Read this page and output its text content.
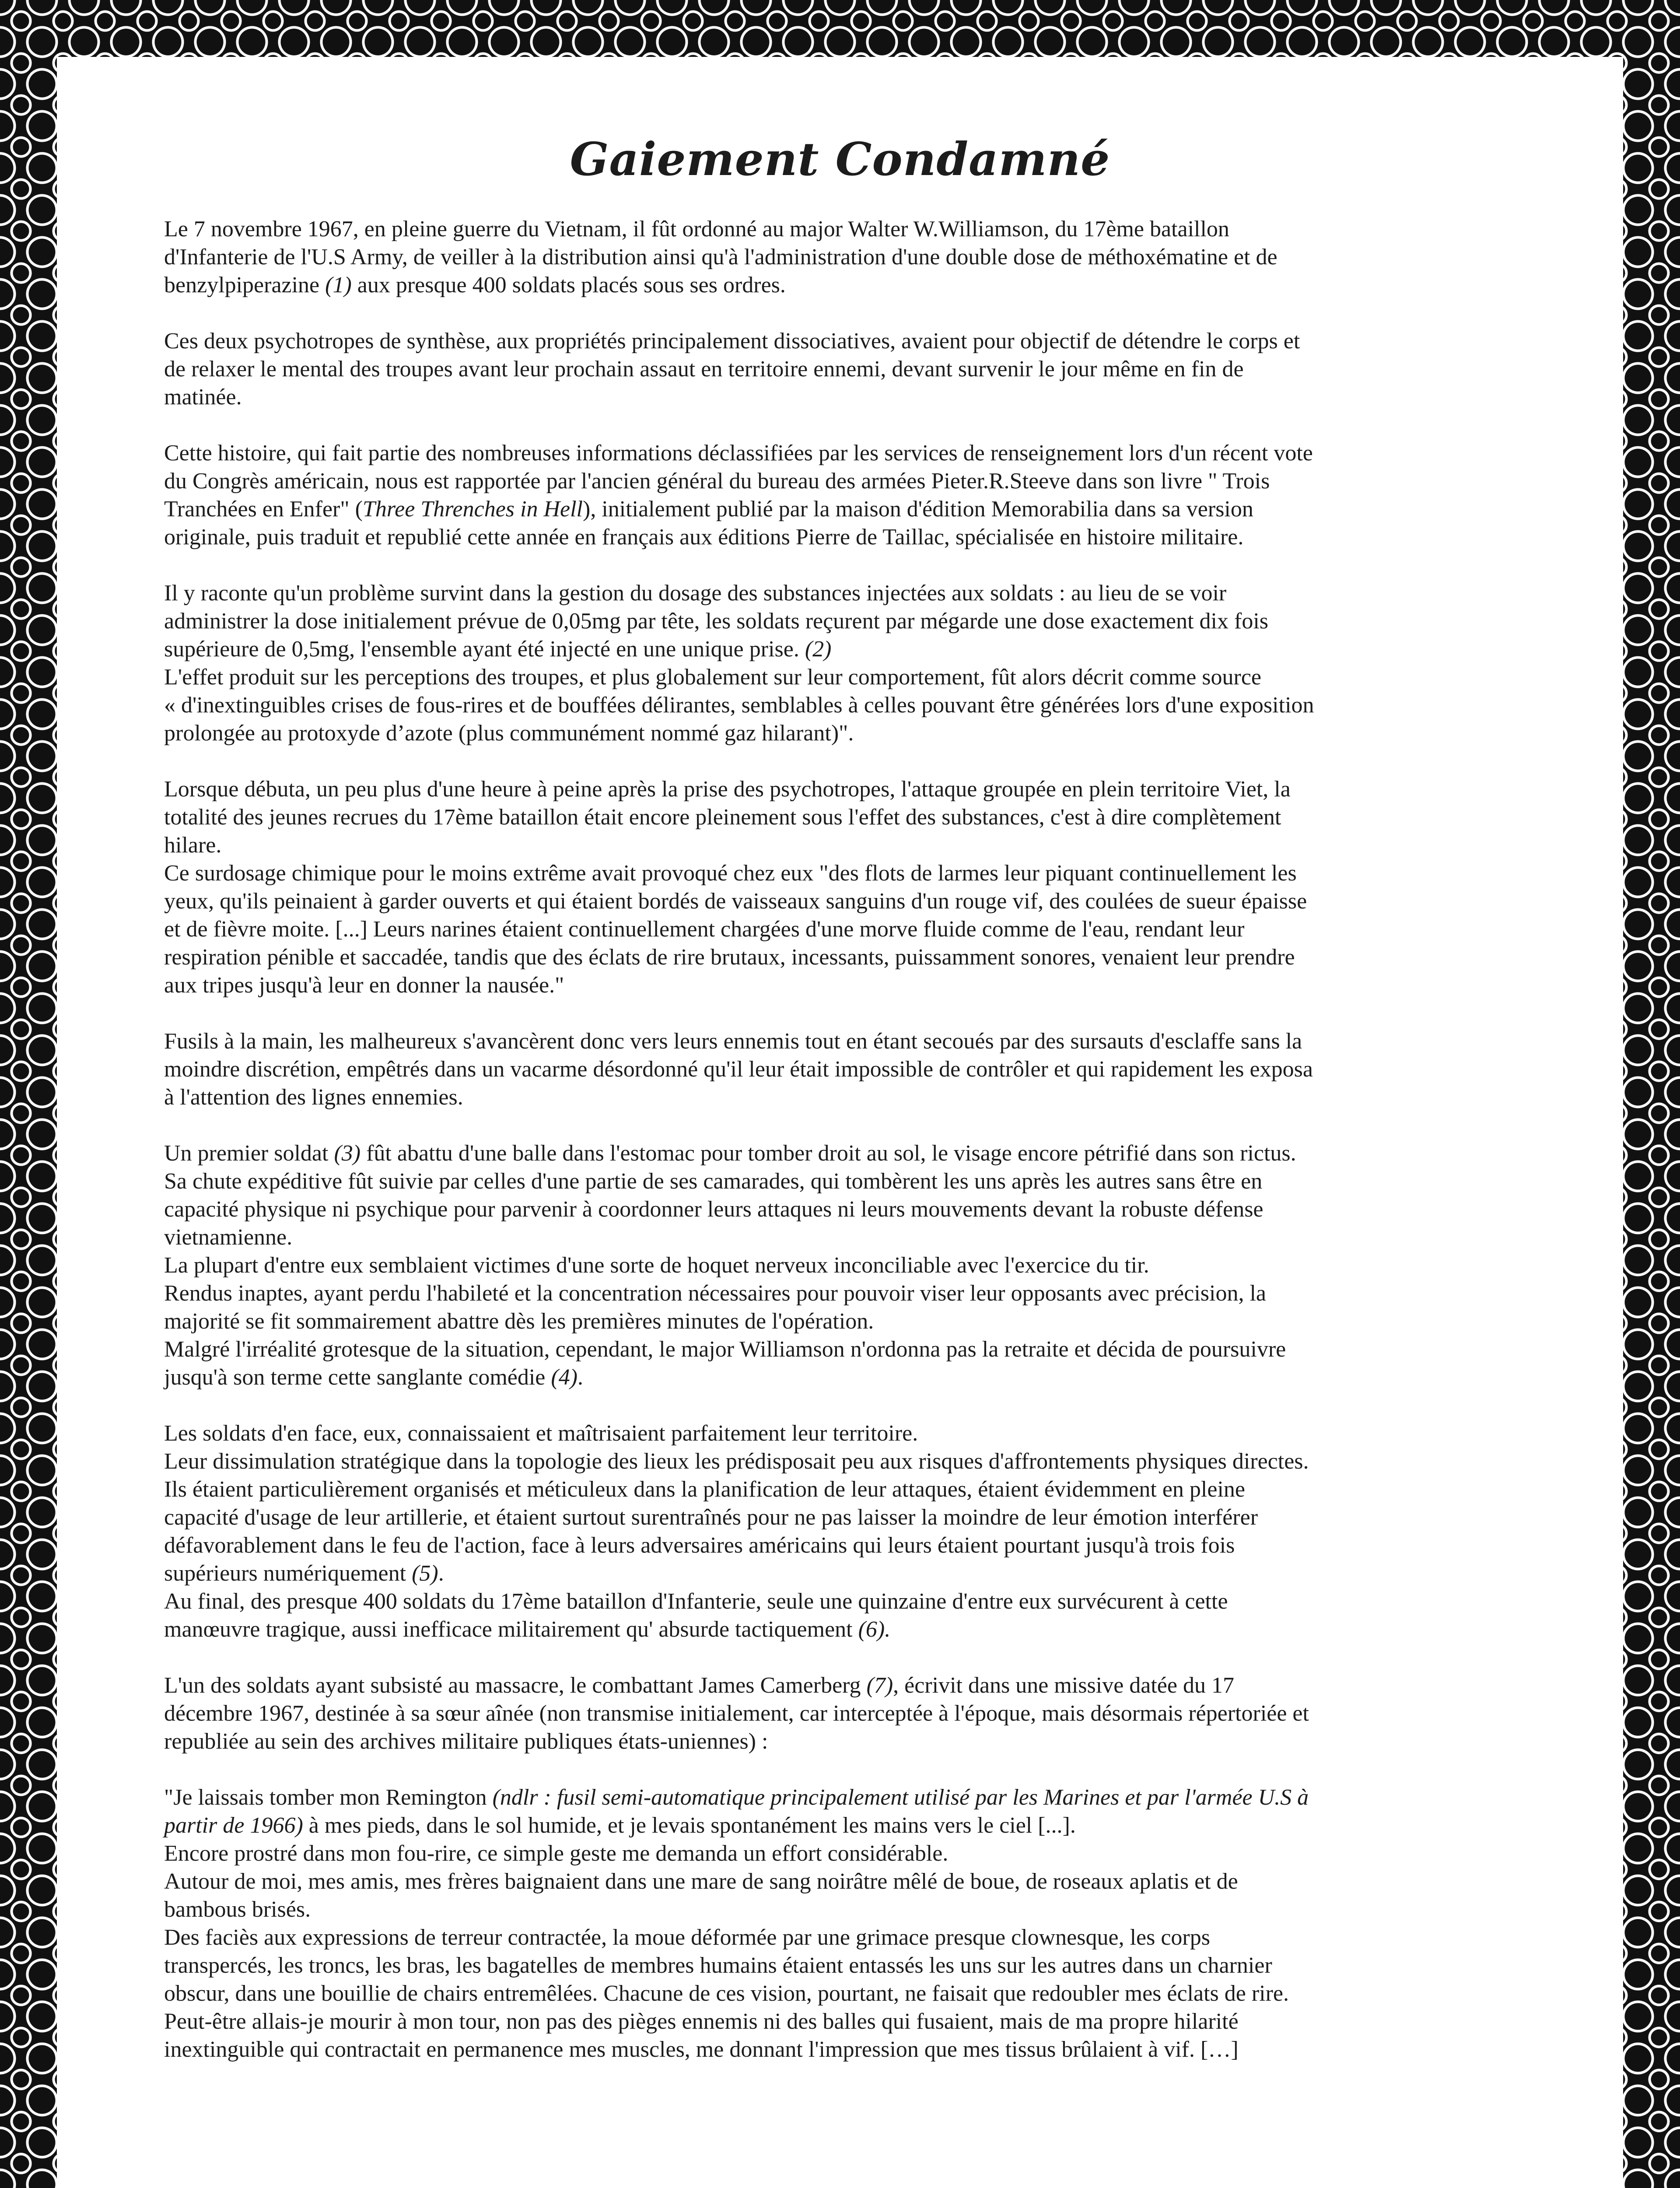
Gaiement Condamné

Le 7 novembre 1967, en pleine guerre du Vietnam, il fût ordonné au major Walter W.Williamson, du 17ème bataillon
d'Infanterie de l'U.S Army, de veiller à la distribution ainsi qu'à l'administration d'une double dose de méthoxématine et de
benzylpiperazine (1) aux presque 400 soldats placés sous ses ordres.

Ces deux psychotropes de synthèse, aux propriétés principalement dissociatives, avaient pour objectif de détendre le corps et
de relaxer le mental des troupes avant leur prochain assaut en territoire ennemi, devant survenir le jour même en fin de
matinée.

Cette histoire, qui fait partie des nombreuses informations déclassifiées par les services de renseignement lors d'un récent vote
du Congrès américain, nous est rapportée par l'ancien général du bureau des armées Pieter.R.Steeve dans son livre " Trois
Tranchées en Enfer" (Three Threnches in Hell), initialement publié par la maison d'édition Memorabilia dans sa version
originale, puis traduit et republié cette année en français aux éditions Pierre de Taillac, spécialisée en histoire militaire.

Il y raconte qu'un problème survint dans la gestion du dosage des substances injectées aux soldats : au lieu de se voir
administrer la dose initialement prévue de 0,05mg par tête, les soldats reçurent par mégarde une dose exactement dix fois
supérieure de 0,5mg, l'ensemble ayant été injecté en une unique prise. (2)
L'effet produit sur les perceptions des troupes, et plus globalement sur leur comportement, fût alors décrit comme source
« d'inextinguibles crises de fous-rires et de bouffées délirantes, semblables à celles pouvant être générées lors d'une exposition
prolongée au protoxyde d’azote (plus communément nommé gaz hilarant)".

Lorsque débuta, un peu plus d'une heure à peine après la prise des psychotropes, l'attaque groupée en plein territoire Viet, la
totalité des jeunes recrues du 17ème bataillon était encore pleinement sous l'effet des substances, c'est à dire complètement
hilare.
Ce surdosage chimique pour le moins extrême avait provoqué chez eux "des flots de larmes leur piquant continuellement les
yeux, qu'ils peinaient à garder ouverts et qui étaient bordés de vaisseaux sanguins d'un rouge vif, des coulées de sueur épaisse
et de fièvre moite. [...] Leurs narines étaient continuellement chargées d'une morve fluide comme de l'eau, rendant leur
respiration pénible et saccadée, tandis que des éclats de rire brutaux, incessants, puissamment sonores, venaient leur prendre
aux tripes jusqu'à leur en donner la nausée."

Fusils à la main, les malheureux s'avancèrent donc vers leurs ennemis tout en étant secoués par des sursauts d'esclaffe sans la
moindre discrétion, empêtrés dans un vacarme désordonné qu'il leur était impossible de contrôler et qui rapidement les exposa
à l'attention des lignes ennemies.

Un premier soldat (3) fût abattu d'une balle dans l'estomac pour tomber droit au sol, le visage encore pétrifié dans son rictus.
Sa chute expéditive fût suivie par celles d'une partie de ses camarades, qui tombèrent les uns après les autres sans être en
capacité physique ni psychique pour parvenir à coordonner leurs attaques ni leurs mouvements devant la robuste défense
vietnamienne.
La plupart d'entre eux semblaient victimes d'une sorte de hoquet nerveux inconciliable avec l'exercice du tir.
Rendus inaptes, ayant perdu l'habileté et la concentration nécessaires pour pouvoir viser leur opposants avec précision, la
majorité se fit sommairement abattre dès les premières minutes de l'opération.
Malgré l'irréalité grotesque de la situation, cependant, le major Williamson n'ordonna pas la retraite et décida de poursuivre
jusqu'à son terme cette sanglante comédie (4).

Les soldats d'en face, eux, connaissaient et maîtrisaient parfaitement leur territoire.
Leur dissimulation stratégique dans la topologie des lieux les prédisposait peu aux risques d'affrontements physiques directes.
Ils étaient particulièrement organisés et méticuleux dans la planification de leur attaques, étaient évidemment en pleine
capacité d'usage de leur artillerie, et étaient surtout surentraînés pour ne pas laisser la moindre de leur émotion interférer
défavorablement dans le feu de l'action, face à leurs adversaires américains qui leurs étaient pourtant jusqu'à trois fois
supérieurs numériquement (5).
Au final, des presque 400 soldats du 17ème bataillon d'Infanterie, seule une quinzaine d'entre eux survécurent à cette
manœuvre tragique, aussi inefficace militairement qu' absurde tactiquement (6).

L'un des soldats ayant subsisté au massacre, le combattant James Camerberg (7), écrivit dans une missive datée du 17
décembre 1967, destinée à sa sœur aînée (non transmise initialement, car interceptée à l'époque, mais désormais répertoriée et
republiée au sein des archives militaire publiques états-uniennes) :

"Je laissais tomber mon Remington (ndlr : fusil semi-automatique principalement utilisé par les Marines et par l'armée U.S à
partir de 1966) à mes pieds, dans le sol humide, et je levais spontanément les mains vers le ciel [...].
Encore prostré dans mon fou-rire, ce simple geste me demanda un effort considérable.
Autour de moi, mes amis, mes frères baignaient dans une mare de sang noirâtre mêlé de boue, de roseaux aplatis et de
bambous brisés.
Des faciès aux expressions de terreur contractée, la moue déformée par une grimace presque clownesque, les corps
transpercés, les troncs, les bras, les bagatelles de membres humains étaient entassés les uns sur les autres dans un charnier
obscur, dans une bouillie de chairs entremêlées. Chacune de ces vision, pourtant, ne faisait que redoubler mes éclats de rire.
Peut-être allais-je mourir à mon tour, non pas des pièges ennemis ni des balles qui fusaient, mais de ma propre hilarité
inextinguible qui contractait en permanence mes muscles, me donnant l'impression que mes tissus brûlaient à vif. […]
